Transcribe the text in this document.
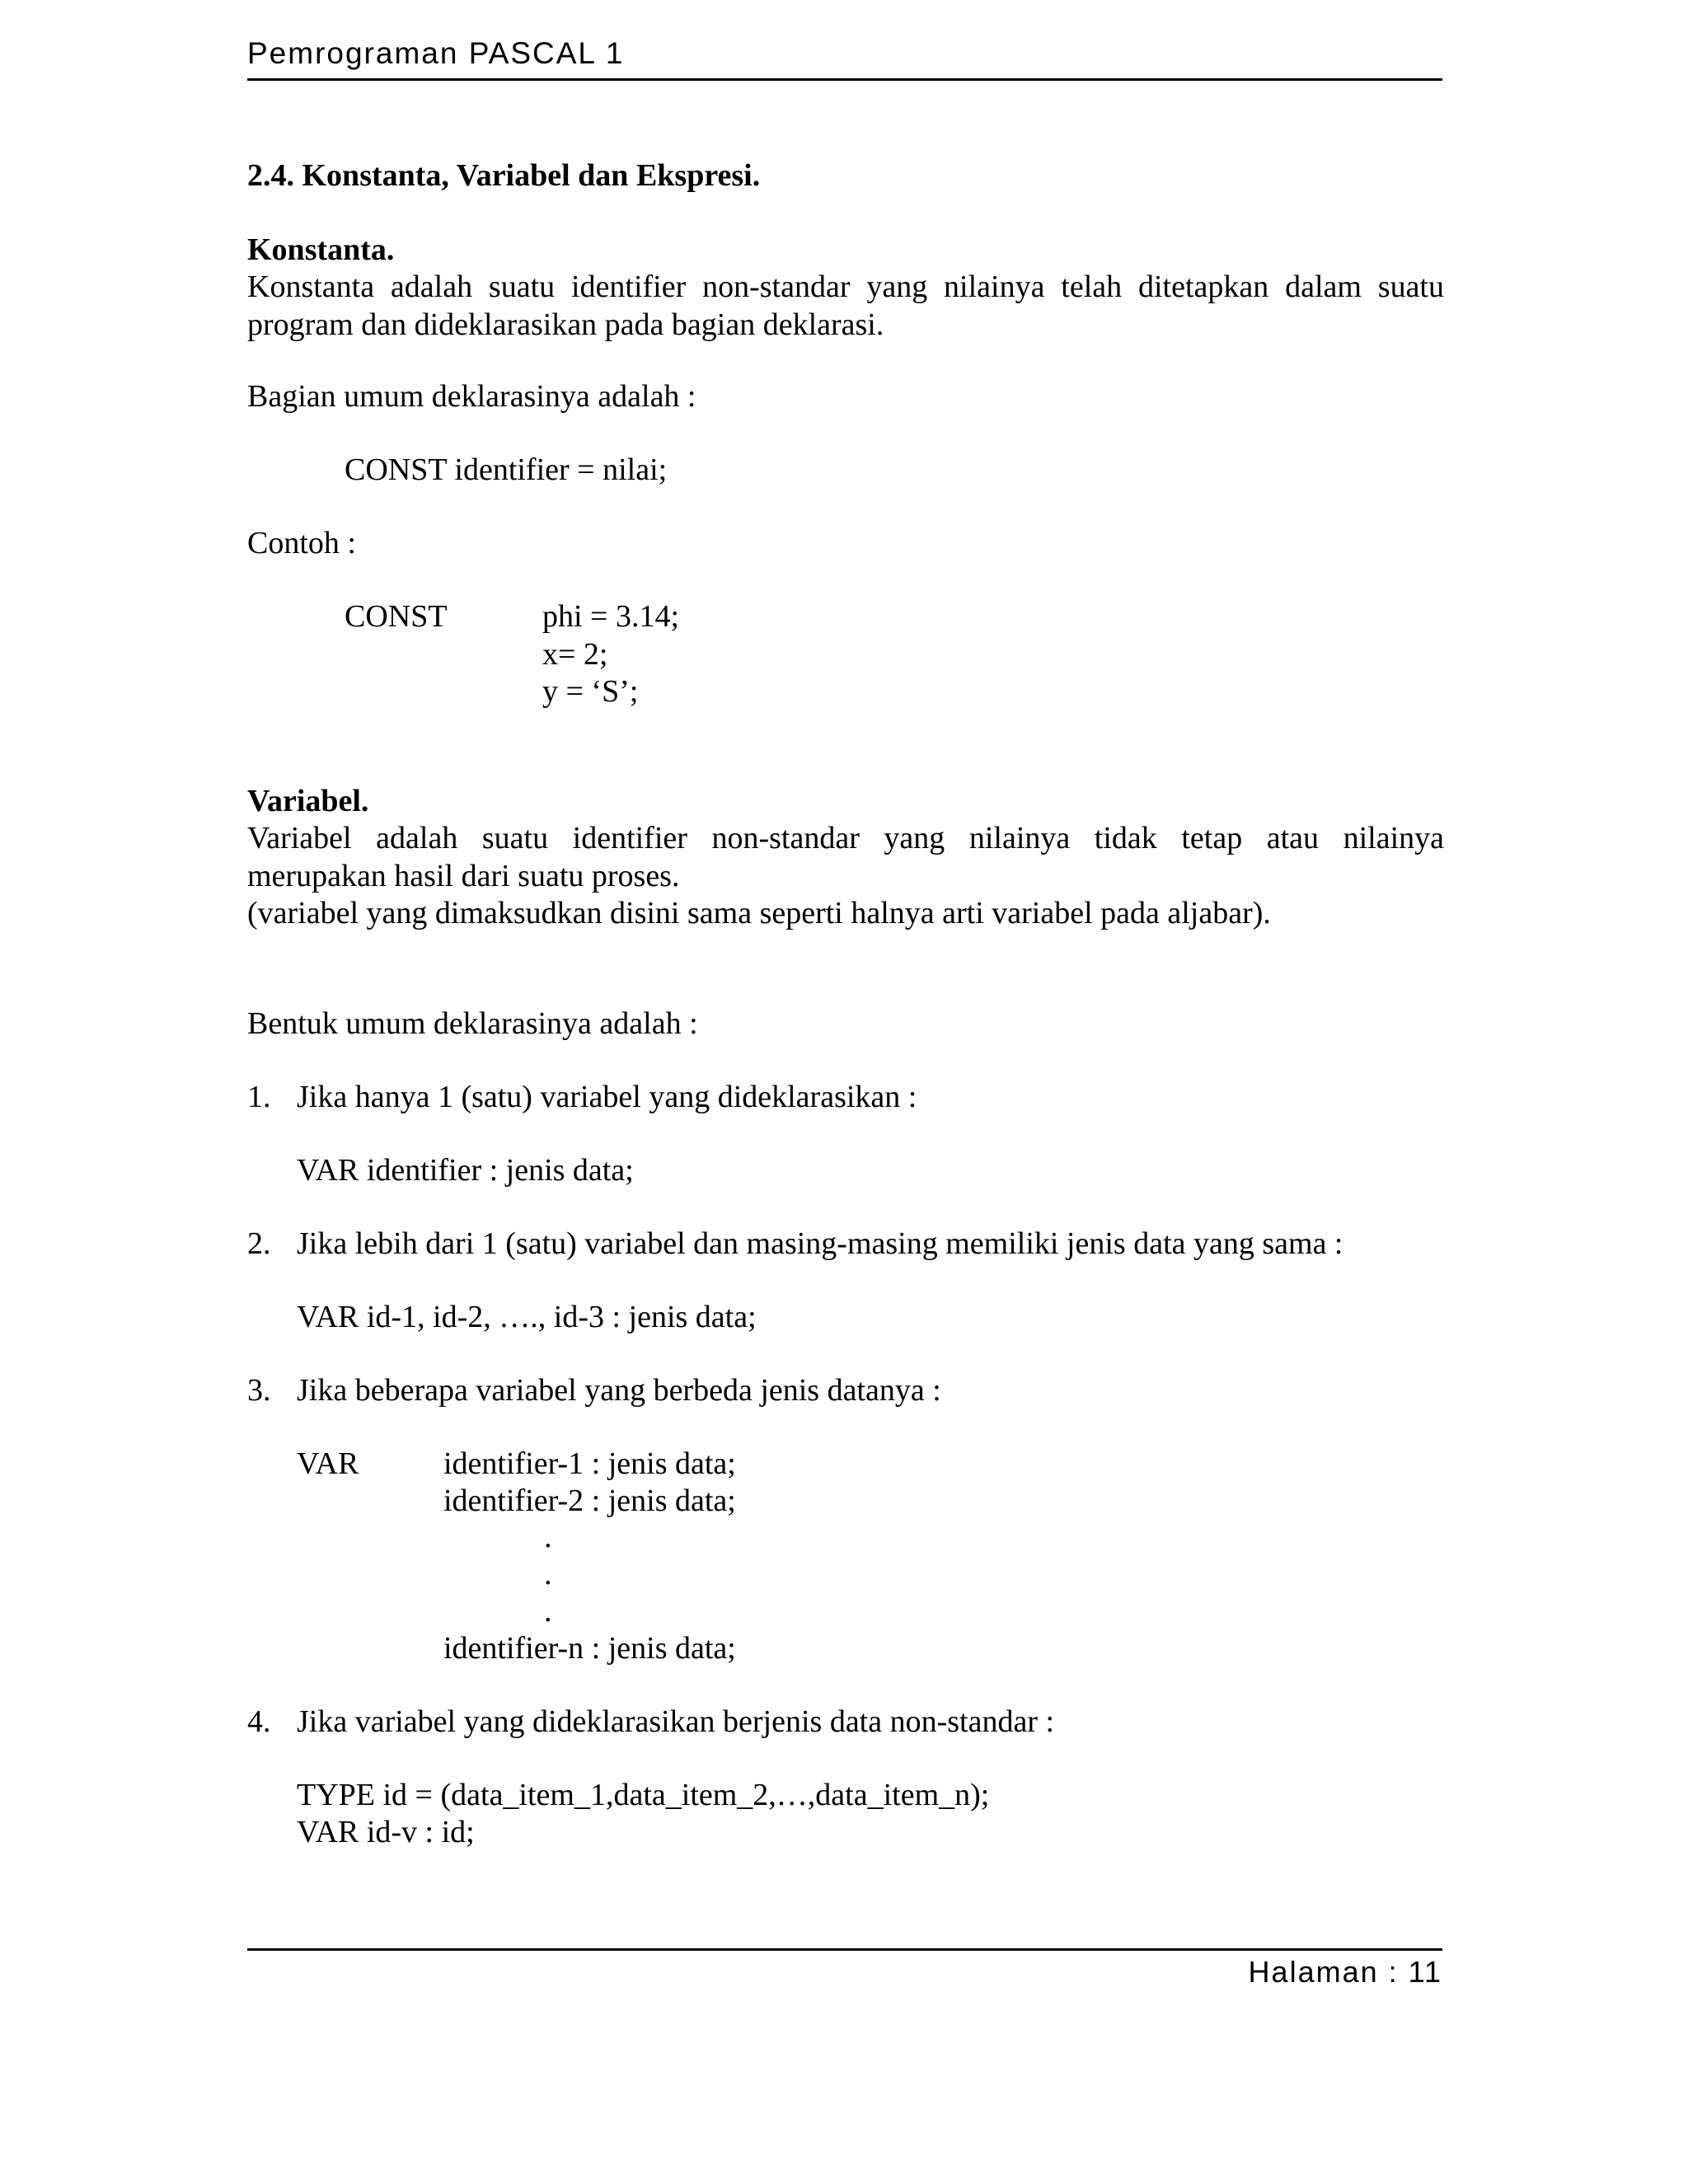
Pemrograman PASCAL 1
2.4. Konstanta, Variabel dan Ekspresi.
Konstanta.
Konstanta adalah suatu identifier non-standar yang nilainya telah ditetapkan dalam suatu
program dan dideklarasikan pada bagian deklarasi.
Bagian umum deklarasinya adalah :
CONST identifier = nilai;
Contoh :
CONST	phi = 3.14;
x= 2;
y = ‘S’;
Variabel.
Variabel adalah suatu identifier non-standar yang nilainya tidak tetap atau nilainya
merupakan hasil dari suatu proses.
(variabel yang dimaksudkan disini sama seperti halnya arti variabel pada aljabar).
Bentuk umum deklarasinya adalah :
1. Jika hanya 1 (satu) variabel yang dideklarasikan :
VAR identifier : jenis data;
2. Jika lebih dari 1 (satu) variabel dan masing-masing memiliki jenis data yang sama :
VAR id-1, id-2, …., id-3 : jenis data;
3. Jika beberapa variabel yang berbeda jenis datanya :
VAR	identifier-1 : jenis data;
identifier-2 : jenis data;
.
.
.
identifier-n : jenis data;
4. Jika variabel yang dideklarasikan berjenis data non-standar :
TYPE id = (data_item_1,data_item_2,…,data_item_n);
VAR id-v : id;
Halaman : 11
